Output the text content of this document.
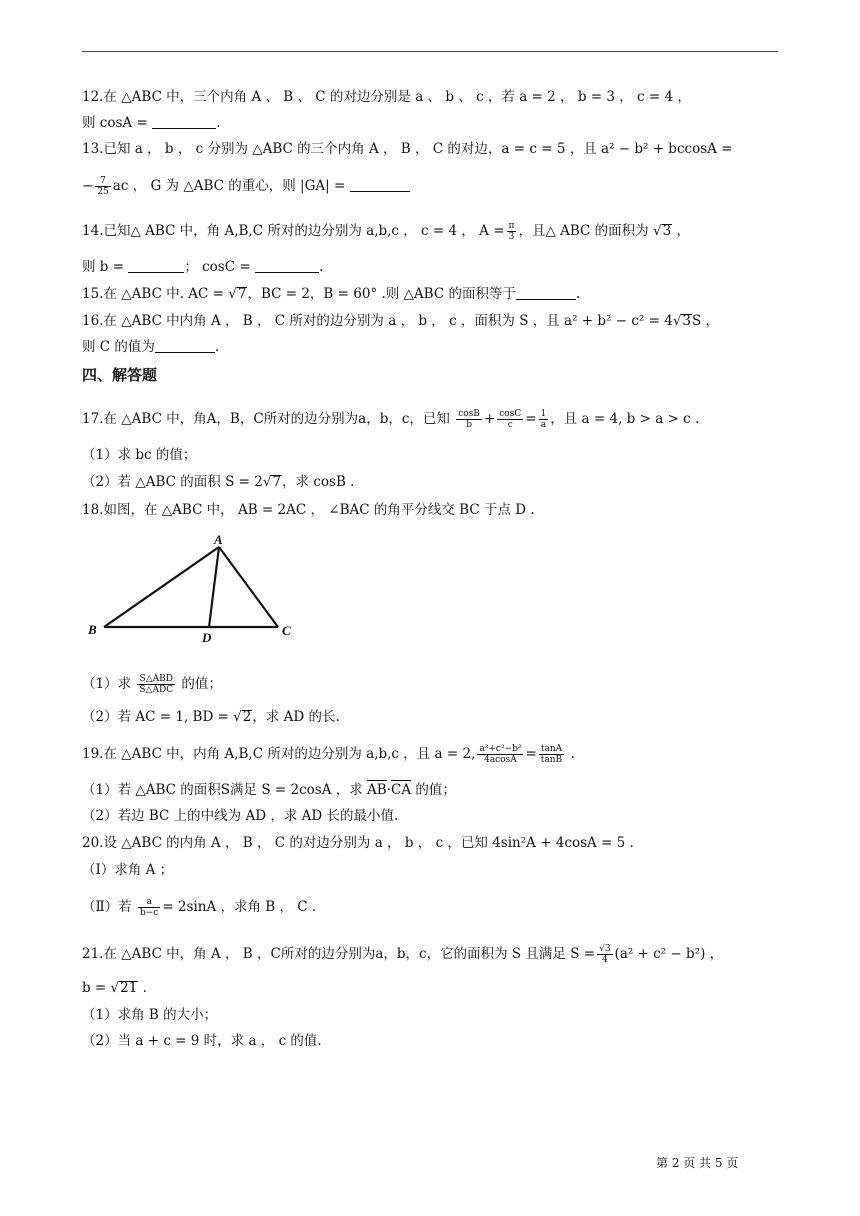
12.在 △ABC 中，三个内角 A 、 B 、 C 的对边分别是 a 、 b 、 c ，若 a = 2 ， b = 3 ， c = 4 ，
则 cosA =	.
13.已知 a ， b ， c 分别为 △ABC 的三个内角 A ， B ， C 的对边，a = c = 5 ，且 a² − b² + bccosA =
− $\frac{7}{25}$ ac ， G 为 △ABC 的重心，则 |GA| =
14.已知△ ABC 中，角 A,B,C 所对的边分别为 a,b,c ， c = 4 ， $A = \frac{\pi}{3}$ ，且△ ABC 的面积为 √3 ，
则 b =	； cosC =	.
15.在 △ABC 中. AC = √7，BC = 2，B = 60° .则 △ABC 的面积等于	.
16.在 △ABC 中内角 A ， B ， C 所对的边分别为 a ， b ， c ，面积为 S ，且 a² + b² − c² = 4√3S ，
则 C 的值为	.
四、解答题
17.在 △ABC 中，角A，B，C所对的边分别为a，b，c，已知 $\frac{\cos B}{b} + \frac{\cos C}{c} = \frac{1}{a}$ ，且 a = 4, b > a > c .
（1）求 bc 的值；
（2）若 △ABC 的面积 S = 2√7，求 cosB .
18.如图，在 △ABC 中， AB = 2AC ， ∠BAC 的角平分线交 BC 于点 D .
A
B	C
D
（1）求 $\frac{\text{S△ABD}}{\text{S△ADC}}$ 的值；
（2）若 AC = 1, BD = √2，求 AD 的长.
19.在 △ABC 中，内角 A,B,C 所对的边分别为 a,b,c ，且 a = 2, $\frac{\text{a²+c²−b²}}{4acosA} = \frac{\tan A}{\tan B}$ .
（1）若 △ABC 的面积S满足 S = 2cosA ，求 AB·CA 的值；
（2）若边 BC 上的中线为 AD ，求 AD 长的最小值.
20.设 △ABC 的内角 A ， B ， C 的对边分别为 a ， b ， c ，已知 4sin²A + 4cosA = 5 .
（Ⅰ）求角 A ；
（Ⅱ）若 $\frac{a}{b-c} = 2\sin A$ ，求角 B ， C .
21.在 △ABC 中，角 A ， B ，C所对的边分别为a，b，c，它的面积为 S 且满足 $S = \frac{√3}{4} (a^2 + c^2 - b^2)$ ，
b = √21 .
（1）求角 B 的大小；
（2）当 a + c = 9 时，求 a ， c 的值.
第 2 页 共 5 页
